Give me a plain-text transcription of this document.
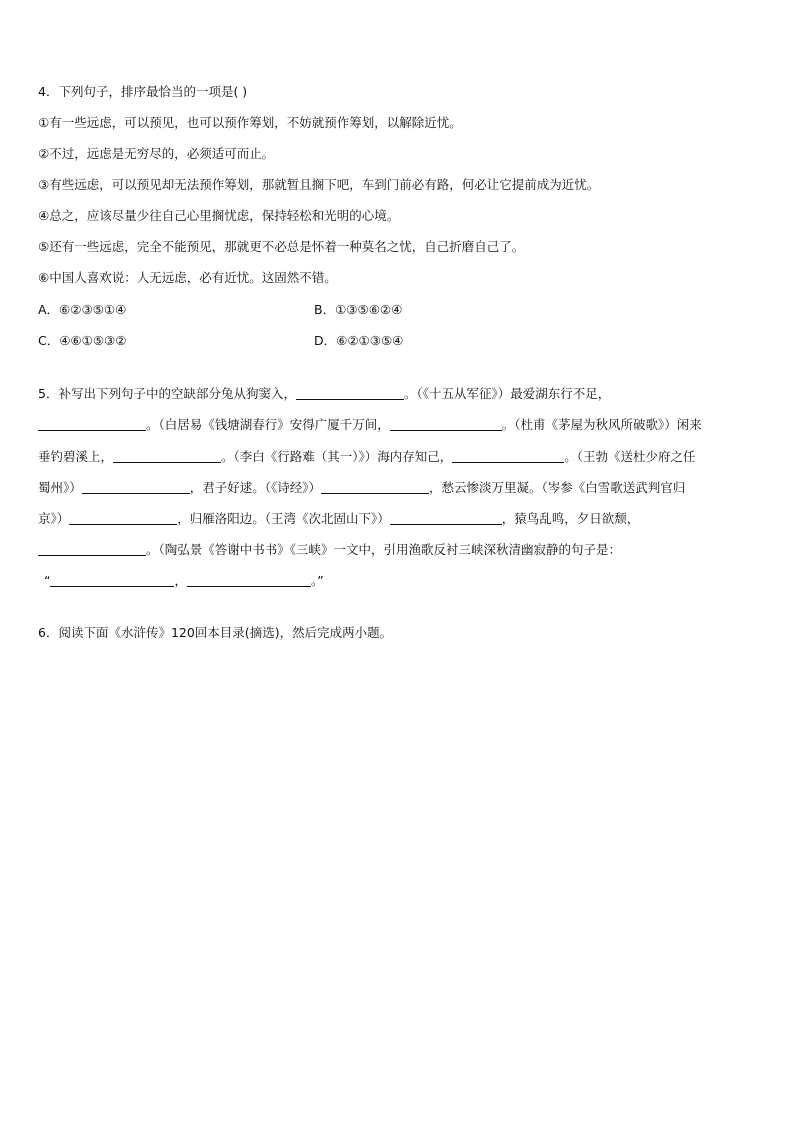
4．下列句子，排序最恰当的一项是( )
①有一些远虑，可以预见，也可以预作筹划，不妨就预作筹划，以解除近忧。
②不过，远虑是无穷尽的，必须适可而止。
③有些远虑，可以预见却无法预作筹划，那就暂且搁下吧，车到门前必有路，何必让它提前成为近忧。
④总之，应该尽量少往自己心里搁忧虑，保持轻松和光明的心境。
⑤还有一些远虑，完全不能预见，那就更不必总是怀着一种莫名之忧，自己折磨自己了。
⑥中国人喜欢说：人无远虑，必有近忧。这固然不错。
A．⑥②③⑤①④	B．①③⑤⑥②④
C．④⑥①⑤③②	D．⑥②①③⑤④
5．补写出下列句子中的空缺部分兔从狗窦入，	。（《十五从军征》）最爱湖东行不足，
。（白居易《钱塘湖春行》安得广厦千万间，	。（杜甫《茅屋为秋风所破歌》）闲来
垂钓碧溪上，	。（李白《行路难（其一）》）海内存知己，	。（王勃《送杜少府之任
蜀州》）	，君子好逑。（《诗经》）	，愁云惨淡万里凝。（岑参《白雪歌送武判官归
京》）	，归雁洛阳边。（王湾《次北固山下》）	，猿鸟乱鸣，夕日欲颓，
。（陶弘景《答谢中书书》《三峡》一文中，引用渔歌反衬三峡深秋清幽寂静的句子是：
“	，	。”
6．阅读下面《水浒传》120回本目录(摘选)，然后完成两小题。
